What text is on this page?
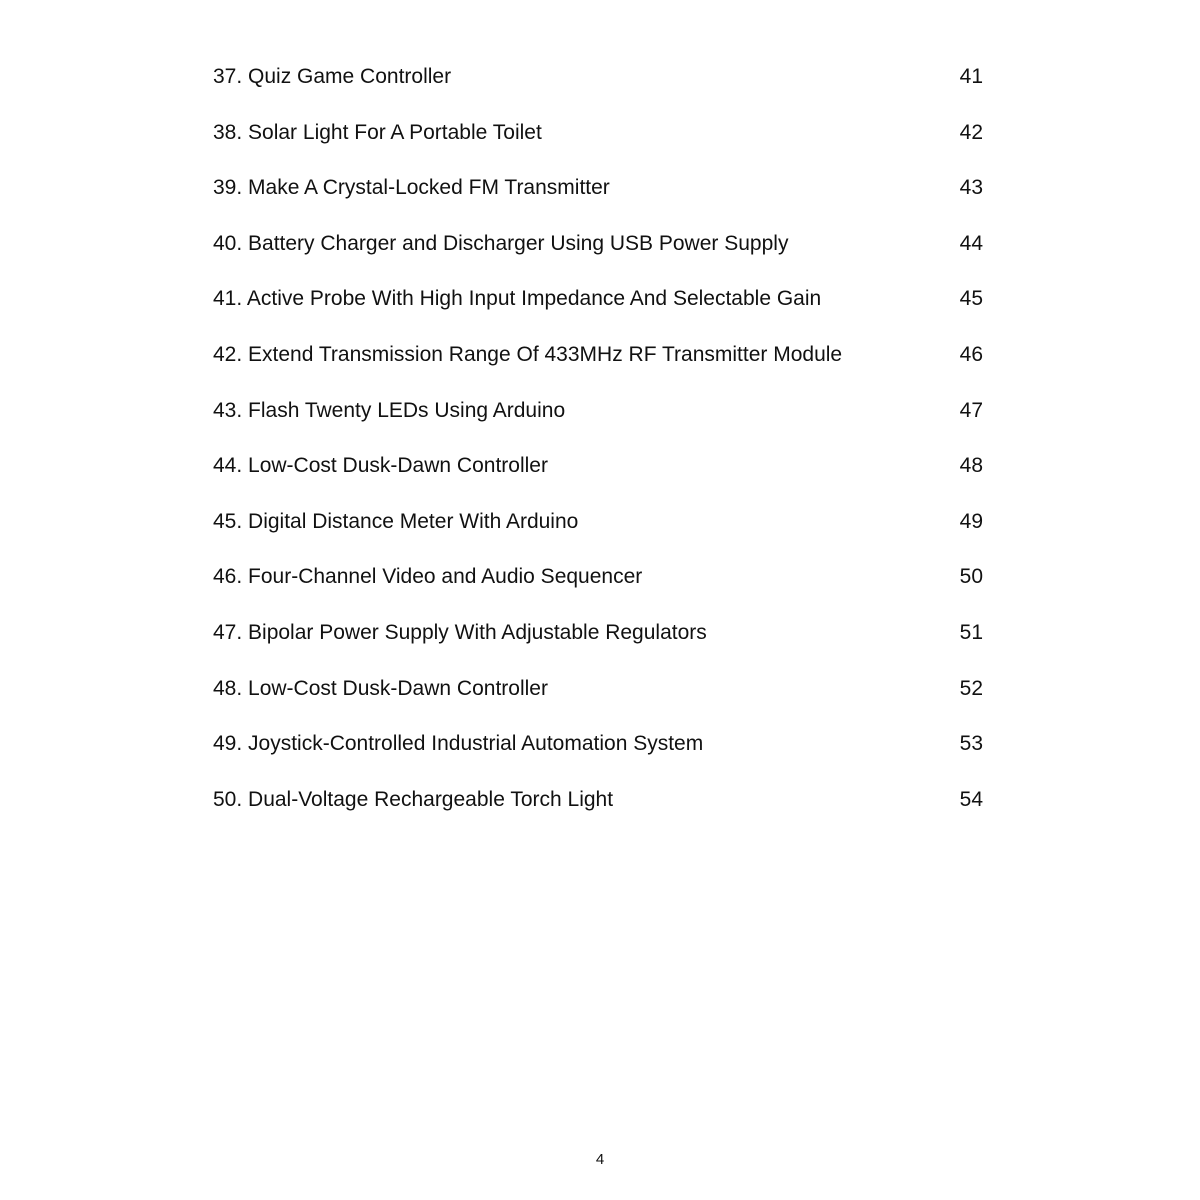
37. Quiz Game Controller	41
38. Solar Light For A Portable Toilet	42
39. Make A Crystal-Locked FM Transmitter	43
40. Battery Charger and Discharger Using USB Power Supply	44
41. Active Probe With High Input Impedance And Selectable Gain	45
42. Extend Transmission Range Of 433MHz RF Transmitter Module	46
43. Flash Twenty LEDs Using Arduino	47
44. Low-Cost Dusk-Dawn Controller	48
45. Digital Distance Meter With Arduino	49
46. Four-Channel Video and Audio Sequencer	50
47. Bipolar Power Supply With Adjustable Regulators	51
48. Low-Cost Dusk-Dawn Controller	52
49. Joystick-Controlled Industrial Automation System	53
50. Dual-Voltage Rechargeable Torch Light	54
4
